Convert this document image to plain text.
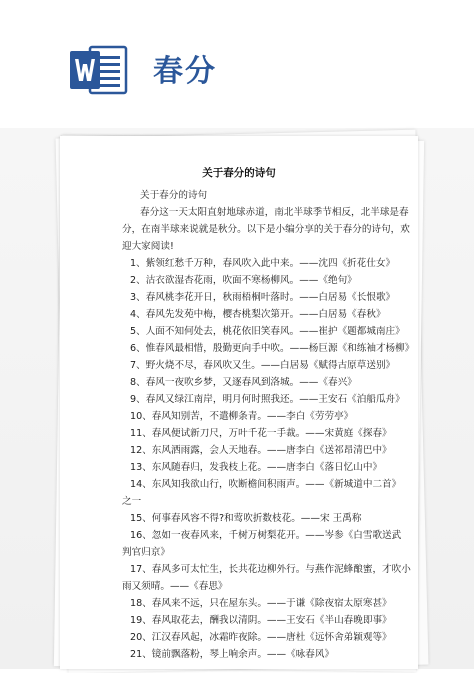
春分
关于春分的诗句
关于春分的诗句
春分这一天太阳直射地球赤道，南北半球季节相反，北半球是春
分，在南半球来说就是秋分。以下是小编分享的关于春分的诗句，欢
迎大家阅读!
1、紫领红愁千万种，春风吹入此中来。——沈四《折花仕女》
2、沽衣欲湿杏花雨，吹面不寒杨柳风。——《绝句》
3、春风桃李花开日，秋雨梧桐叶落时。——白居易《长恨歌》
4、春风先发苑中梅，樱杏桃梨次第开。——白居易《春秋》
5、人面不知何处去，桃花依旧笑春风。——崔护《题都城南庄》
6、惟春风最相惜，殷勤更向手中吹。——杨巨源《和练袖才杨柳》
7、野火烧不尽，春风吹又生。——白居易《赋得古原草送别》
8、春风一夜吹乡梦，又逐春风到洛城。——《春兴》
9、春风又绿江南岸，明月何时照我还。——王安石《泊船瓜舟》
10、春风知别苦，不遣柳条青。——李白《劳劳亭》
11、春风便试新刀尺，万叶千花一手裁。——宋黄庭《探春》
12、东风洒雨露，会人天地春。——唐李白《送祁昂清巴中》
13、东风随春归，发我枝上花。——唐李白《落日忆山中》
14、东风知我欲山行，吹断檐间积雨声。——《新城道中二首》
之一
15、何事春风容不得?和莺吹折数枝花。——宋 王禹称
16、忽如一夜春风来，千树万树梨花开。——岑参《白雪歌送武
判官归京》
17、春风多可太忙生，长共花边柳外行。与燕作泥蜂酿蜜，才吹小
雨又须晴。——《春思》
18、春风来不远，只在屋东头。——于谦《除夜宿太原寒甚》
19、春风取花去，酬我以清阴。——王安石《半山春晚即事》
20、江汉春风起，冰霜昨夜除。——唐杜《远怀舍弟颖观等》
21、镜前飘落粉，琴上响余声。——《咏春风》
